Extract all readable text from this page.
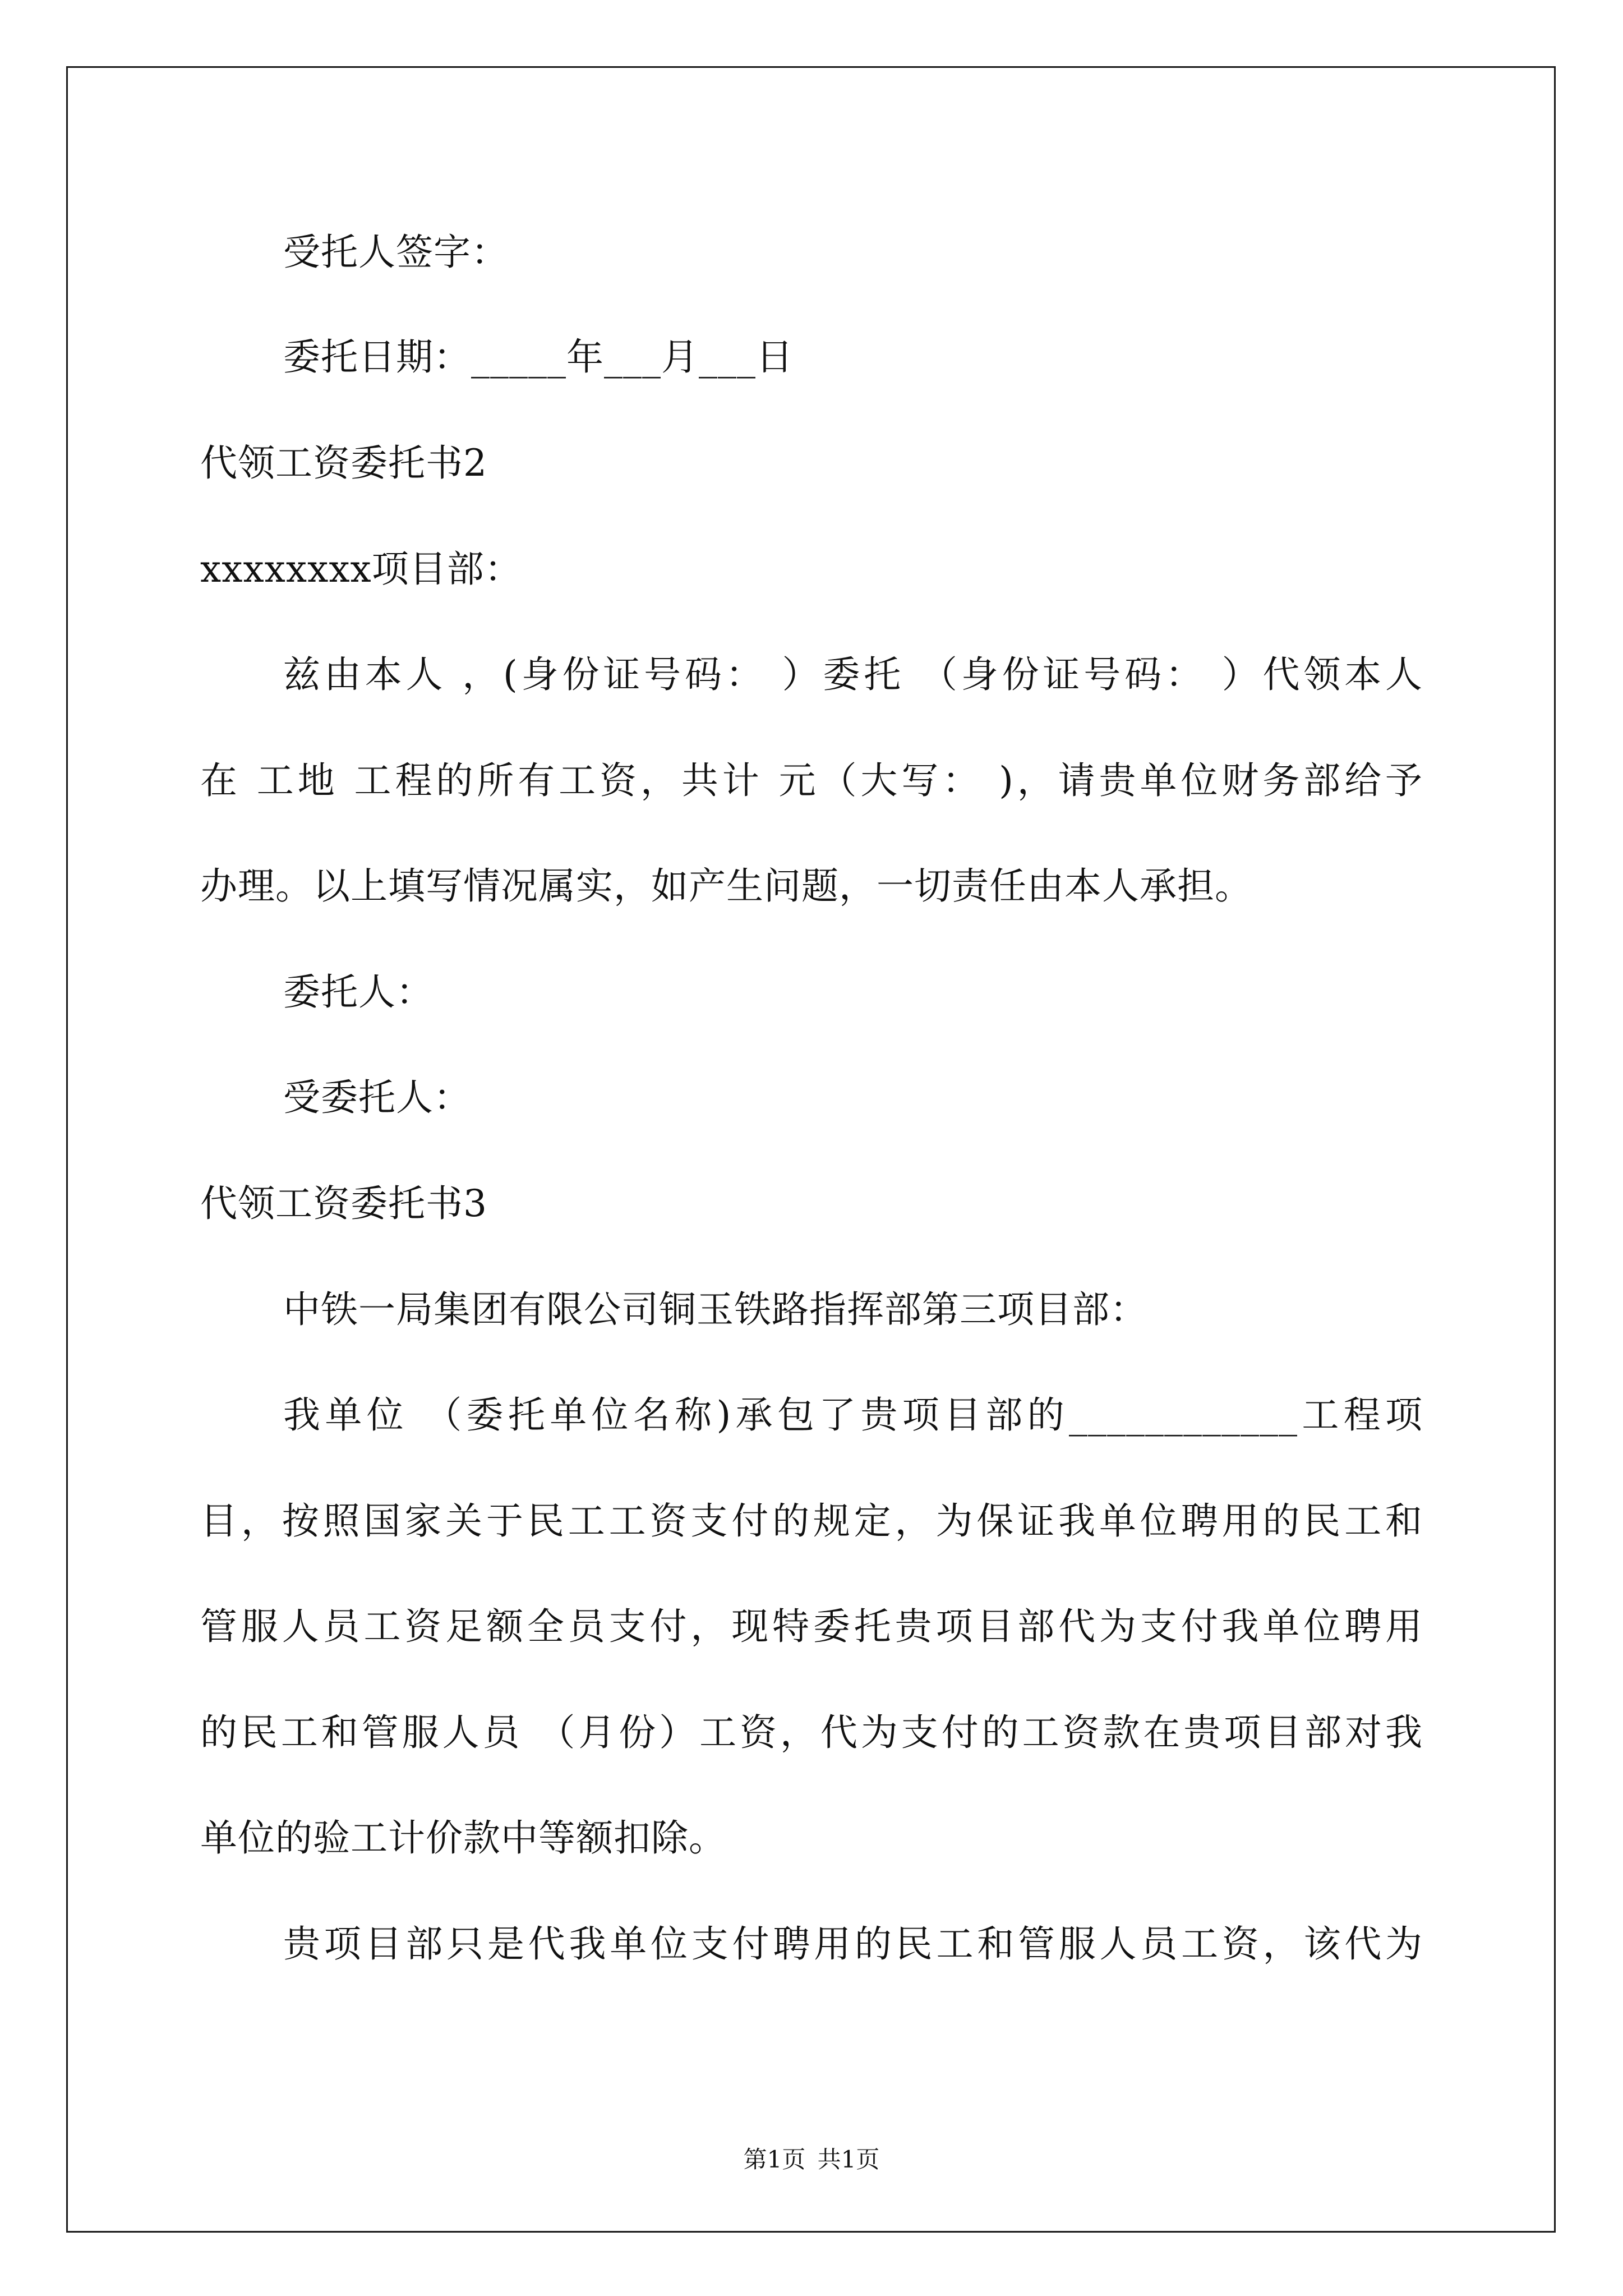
受托人签字：
委托日期：_____年___月___日
代领工资委托书2
xxxxxxxx项目部：
兹由本人 ，(身份证号码： ）委托 （身份证号码： ）代领本人
在 工地 工程的所有工资，共计 元（大写： )，请贵单位财务部给予
办理。以上填写情况属实，如产生问题，一切责任由本人承担。
委托人：
受委托人：
代领工资委托书3
中铁一局集团有限公司铜玉铁路指挥部第三项目部：
我单位 （委托单位名称)承包了贵项目部的____________工程项
目，按照国家关于民工工资支付的规定，为保证我单位聘用的民工和
管服人员工资足额全员支付，现特委托贵项目部代为支付我单位聘用
的民工和管服人员 （月份）工资，代为支付的工资款在贵项目部对我
单位的验工计价款中等额扣除。
贵项目部只是代我单位支付聘用的民工和管服人员工资，该代为
第1页 共1页
